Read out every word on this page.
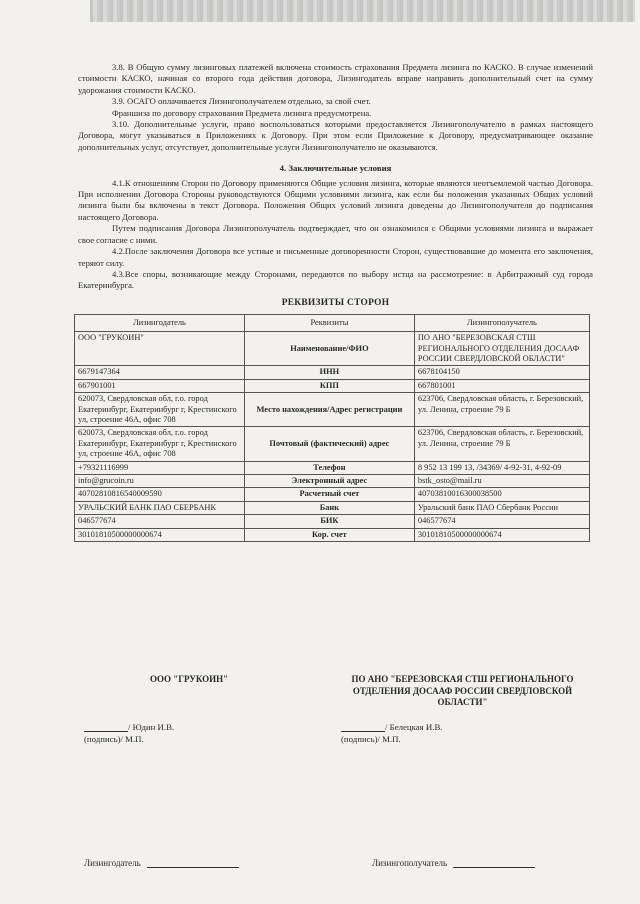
3.8. В Общую сумму лизинговых платежей включена стоимость страхования Предмета лизинга по КАСКО. В случае изменений стоимости КАСКО, начиная со второго года действия договора, Лизингодатель вправе направить дополнительный счет на сумму удорожания стоимости КАСКО.

3.9. ОСАГО оплачивается Лизингополучателем отдельно, за свой счет.

Франшиза по договору страхования Предмета лизинга предусмотрена.

3.10. Дополнительные услуги, право воспользоваться которыми предоставляется Лизингополучателю в рамках настоящего Договора, могут указываться в Приложениях к Договору. При этом если Приложение к Договору, предусматривающее оказание дополнительных услуг, отсутствует, дополнительные услуги Лизингополучателю не оказываются.

4. Заключительные условия

4.1.К отношениям Сторон по Договору применяются Общие условия лизинга, которые являются неотъемлемой частью Договора. При исполнении Договора Стороны руководствуются Общими условиями лизинга, как если бы положения указанных Общих условий лизинга были бы включены в текст Договора. Положения Общих условий лизинга доведены до Лизингополучателя до подписания настоящего Договора.

Путем подписания Договора Лизингополучатель подтверждает, что он ознакомился с Общими условиями лизинга и выражает свое согласие с ними.

4.2.После заключения Договора все устные и письменные договоренности Сторон, существовавшие до момента его заключения, теряют силу.

4.3.Все споры, возникающие между Сторонами, передаются по выбору истца на рассмотрение: в Арбитражный суд города Екатеринбурга.

РЕКВИЗИТЫ СТОРОН
Лизингодатель	Реквизиты	Лизингополучатель
ООО "ГРУКОИН"	Наименование/ФИО	ПО АНО "БЕРЕЗОВСКАЯ СТШ РЕГИОНАЛЬНОГО ОТДЕЛЕНИЯ ДОСААФ РОССИИ СВЕРДЛОВСКОЙ ОБЛАСТИ"
6679147364	ИНН	6678104150
667901001	КПП	667801001
620073, Свердловская обл, г.о. город Екатеринбург, Екатеринбург г, Крестинского ул, строение 46А, офис 708	Место нахождения/Адрес регистрации	623706, Свердловская область, г. Березовский, ул. Ленина, строение 79 Б
620073, Свердловская обл, г.о. город Екатеринбург, Екатеринбург г, Крестинского ул, строение 46А, офис 708	Почтовый (фактический) адрес	623706, Свердловская область, г. Березовский, ул. Ленина, строение 79 Б
+79321116999	Телефон	8 952 13 199 13, /34369/ 4-92-31, 4-92-09
info@grucoin.ru	Электронный адрес	bstk_osto@mail.ru
40702810816540009590	Расчетный счет	40703810016300038500
УРАЛЬСКИЙ БАНК ПАО СБЕРБАНК	Банк	Уральский банк ПАО Сбербанк России
046577674	БИК	046577674
30101810500000000674	Кор. счет	30101810500000000674
ООО "ГРУКОИН"	ПО АНО "БЕРЕЗОВСКАЯ СТШ РЕГИОНАЛЬНОГО ОТДЕЛЕНИЯ ДОСААФ РОССИИ СВЕРДЛОВСКОЙ ОБЛАСТИ"
/ Юдин И.В.
(подпись)/ М.П.
/ Белецкая И.В.
(подпись)/ М.П.
Лизингодатель	Лизингополучатель
